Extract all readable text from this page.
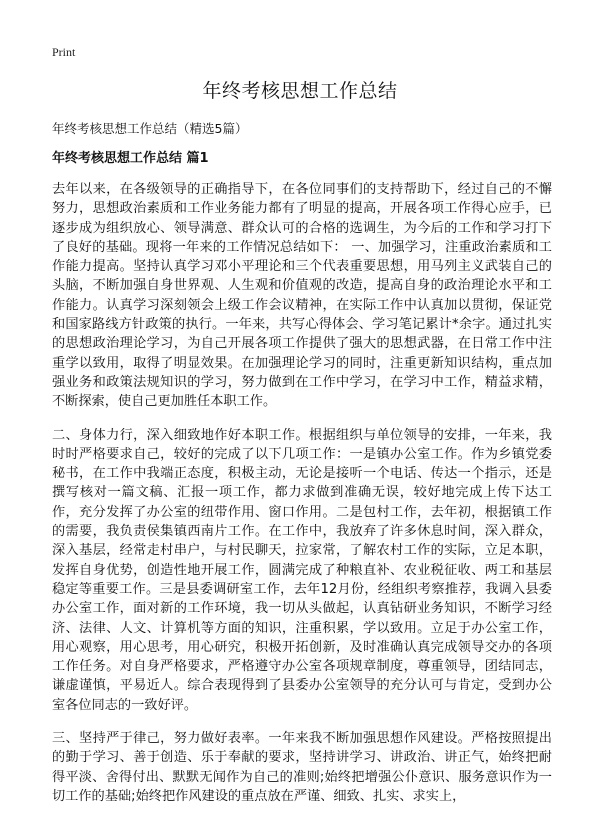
Print
年终考核思想工作总结
年终考核思想工作总结（精选5篇）
年终考核思想工作总结 篇1

去年以来，在各级领导的正确指导下，在各位同事们的支持帮助下，经过自己的不懈努力，思想政治素质和工作业务能力都有了明显的提高，开展各项工作得心应手，已逐步成为组织放心、领导满意、群众认可的合格的选调生，为今后的工作和学习打下了良好的基础。现将一年来的工作情况总结如下： 一、加强学习，注重政治素质和工作能力提高。坚持认真学习邓小平理论和三个代表重要思想，用马列主义武装自己的头脑，不断加强自身世界观、人生观和价值观的改造，提高自身的政治理论水平和工作能力。认真学习深刻领会上级工作会议精神，在实际工作中认真加以贯彻，保证党和国家路线方针政策的执行。一年来，共写心得体会、学习笔记累计*余字。通过扎实的思想政治理论学习，为自己开展各项工作提供了强大的思想武器，在日常工作中注重学以致用，取得了明显效果。在加强理论学习的同时，注重更新知识结构，重点加强业务和政策法规知识的学习，努力做到在工作中学习，在学习中工作，精益求精，不断探索，使自己更加胜任本职工作。

二、身体力行，深入细致地作好本职工作。根据组织与单位领导的安排，一年来，我时时严格要求自己，较好的完成了以下几项工作：一是镇办公室工作。作为乡镇党委秘书，在工作中我端正态度，积极主动，无论是接听一个电话、传达一个指示，还是撰写核对一篇文稿、汇报一项工作，都力求做到准确无误，较好地完成上传下达工作，充分发挥了办公室的纽带作用、窗口作用。二是包村工作，去年初，根据镇工作的需要，我负责侯集镇西南片工作。在工作中，我放弃了许多休息时间，深入群众，深入基层，经常走村串户，与村民聊天，拉家常，了解农村工作的实际，立足本职，发挥自身优势，创造性地开展工作，圆满完成了种粮直补、农业税征收、两工和基层稳定等重要工作。三是县委调研室工作，去年12月份，经组织考察推荐，我调入县委办公室工作，面对新的工作环境，我一切从头做起，认真钻研业务知识，不断学习经济、法律、人文、计算机等方面的知识，注重积累，学以致用。立足于办公室工作，用心观察，用心思考，用心研究，积极开拓创新，及时准确认真完成领导交办的各项工作任务。对自身严格要求，严格遵守办公室各项规章制度，尊重领导，团结同志，谦虚谨慎，平易近人。综合表现得到了县委办公室领导的充分认可与肯定，受到办公室各位同志的一致好评。

三、坚持严于律己，努力做好表率。一年来我不断加强思想作风建设。严格按照提出的勤于学习、善于创造、乐于奉献的要求，坚持讲学习、讲政治、讲正气，始终把耐得平淡、舍得付出、默默无闻作为自己的准则;始终把增强公仆意识、服务意识作为一切工作的基础;始终把作风建设的重点放在严谨、细致、扎实、求实上，
